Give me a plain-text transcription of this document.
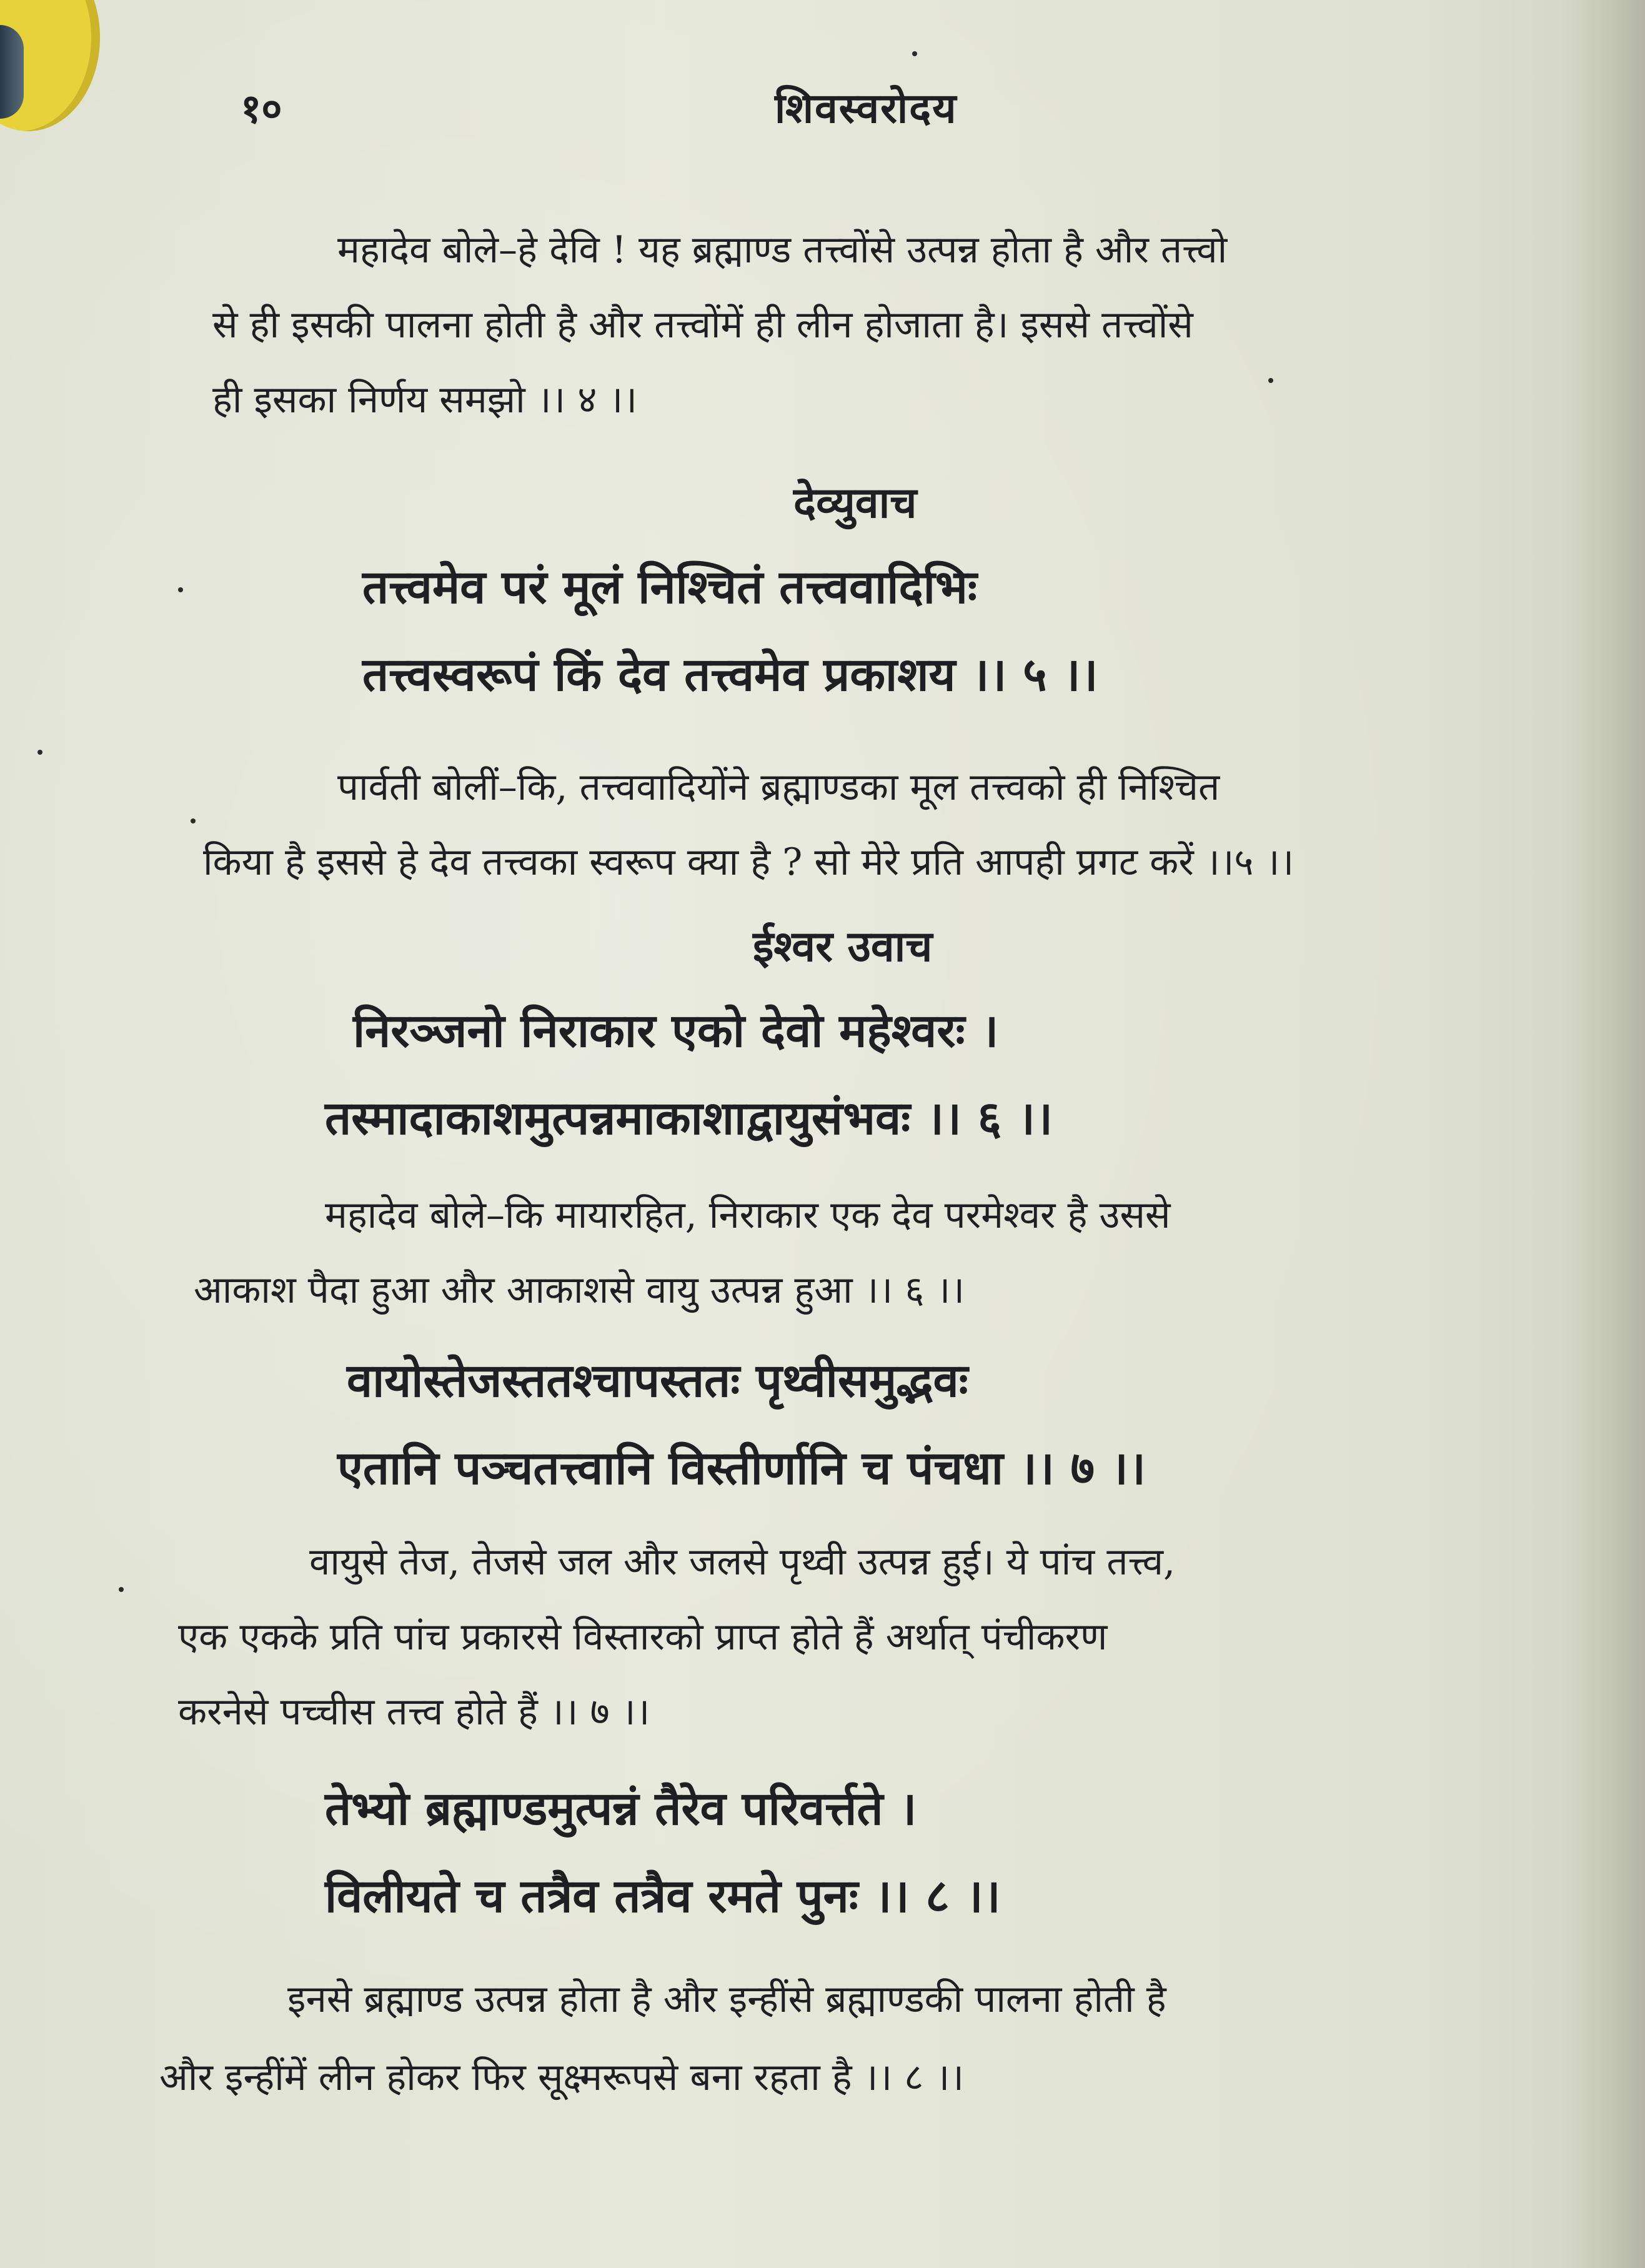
१०	शिवस्वरोदय
महादेव बोले–हे देवि ! यह ब्रह्माण्ड तत्त्वोंसे उत्पन्न होता है और तत्त्वो
से ही इसकी पालना होती है और तत्त्वोंमें ही लीन होजाता है। इससे तत्त्वोंसे
ही इसका निर्णय समझो ।। ४ ।।
देव्युवाच
तत्त्वमेव परं मूलं निश्चितं तत्त्ववादिभिः
तत्त्वस्वरूपं किं देव तत्त्वमेव प्रकाशय ।। ५ ।।
पार्वती बोलीं–कि, तत्त्ववादियोंने ब्रह्माण्डका मूल तत्त्वको ही निश्चित
किया है इससे हे देव तत्त्वका स्वरूप क्या है ? सो मेरे प्रति आपही प्रगट करें ।।५ ।।
ईश्वर उवाच
निरञ्जनो निराकार एको देवो महेश्वरः ।
तस्मादाकाशमुत्पन्नमाकाशाद्वायुसंभवः ।। ६ ।।
महादेव बोले–कि मायारहित, निराकार एक देव परमेश्वर है उससे
आकाश पैदा हुआ और आकाशसे वायु उत्पन्न हुआ ।। ६ ।।
वायोस्तेजस्ततश्चापस्ततः पृथ्वीसमुद्भवः
एतानि पञ्चतत्त्वानि विस्तीर्णानि च पंचधा ।। ७ ।।
वायुसे तेज, तेजसे जल और जलसे पृथ्वी उत्पन्न हुई। ये पांच तत्त्व,
एक एकके प्रति पांच प्रकारसे विस्तारको प्राप्त होते हैं अर्थात् पंचीकरण
करनेसे पच्चीस तत्त्व होते हैं ।। ७ ।।
तेभ्यो ब्रह्माण्डमुत्पन्नं तैरेव परिवर्त्तते ।
विलीयते च तत्रैव तत्रैव रमते पुनः ।। ८ ।।
इनसे ब्रह्माण्ड उत्पन्न होता है और इन्हींसे ब्रह्माण्डकी पालना होती है
और इन्हींमें लीन होकर फिर सूक्ष्मरूपसे बना रहता है ।। ८ ।।
